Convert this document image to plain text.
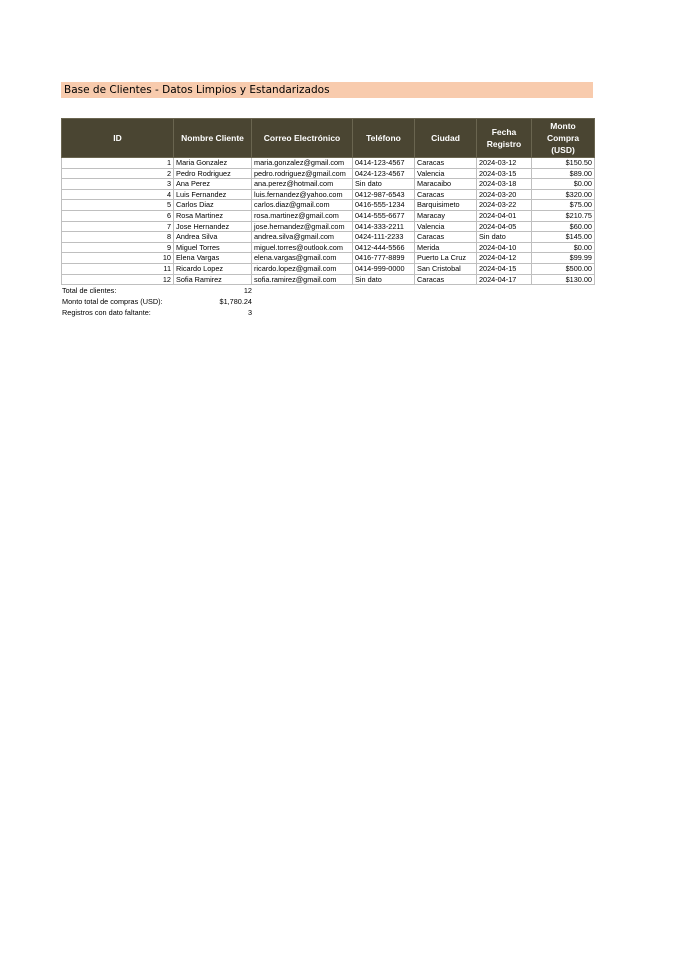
Base de Clientes - Datos Limpios y Estandarizados
ID	Nombre Cliente	Correo Electrónico	Teléfono	Ciudad	Fecha Registro	Monto Compra (USD)
1	Maria Gonzalez	maria.gonzalez@gmail.com	0414-123-4567	Caracas	2024-03-12	$150.50
2	Pedro Rodriguez	pedro.rodriguez@gmail.com	0424-123-4567	Valencia	2024-03-15	$89.00
3	Ana Perez	ana.perez@hotmail.com	Sin dato	Maracaibo	2024-03-18	$0.00
4	Luis Fernandez	luis.fernandez@yahoo.com	0412-987-6543	Caracas	2024-03-20	$320.00
5	Carlos Diaz	carlos.diaz@gmail.com	0416-555-1234	Barquisimeto	2024-03-22	$75.00
6	Rosa Martinez	rosa.martinez@gmail.com	0414-555-6677	Maracay	2024-04-01	$210.75
7	Jose Hernandez	jose.hernandez@gmail.com	0414-333-2211	Valencia	2024-04-05	$60.00
8	Andrea Silva	andrea.silva@gmail.com	0424-111-2233	Caracas	Sin dato	$145.00
9	Miguel Torres	miguel.torres@outlook.com	0412-444-5566	Merida	2024-04-10	$0.00
10	Elena Vargas	elena.vargas@gmail.com	0416-777-8899	Puerto La Cruz	2024-04-12	$99.99
11	Ricardo Lopez	ricardo.lopez@gmail.com	0414-999-0000	San Cristobal	2024-04-15	$500.00
12	Sofia Ramirez	sofia.ramirez@gmail.com	Sin dato	Caracas	2024-04-17	$130.00
Total de clientes:	12
Monto total de compras (USD):	$1,780.24
Registros con dato faltante:	3
